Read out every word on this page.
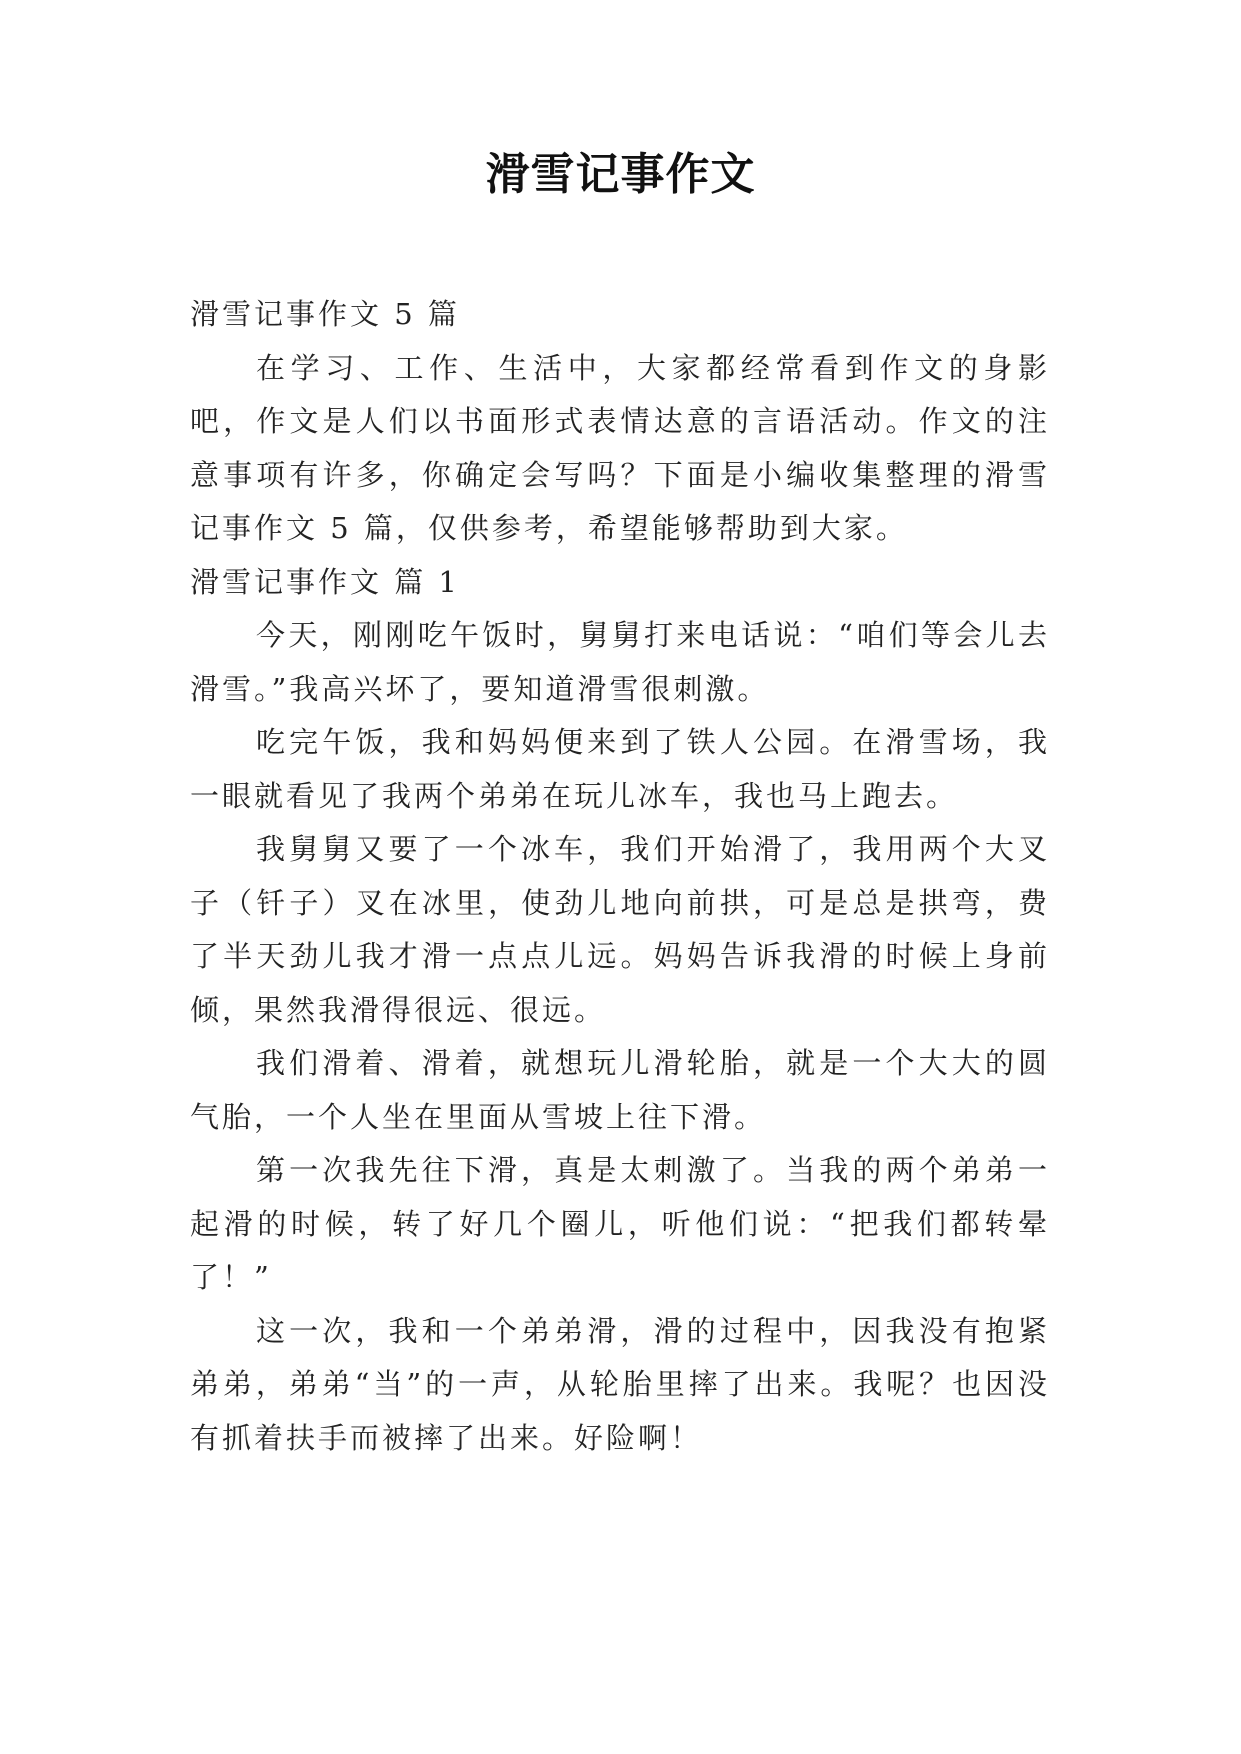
滑雪记事作文

滑雪记事作文 5 篇

在学习、工作、生活中，大家都经常看到作文的身影吧，作文是人们以书面形式表情达意的言语活动。作文的注意事项有许多，你确定会写吗？下面是小编收集整理的滑雪记事作文 5 篇，仅供参考，希望能够帮助到大家。

滑雪记事作文 篇 1

今天，刚刚吃午饭时，舅舅打来电话说：“咱们等会儿去滑雪。”我高兴坏了，要知道滑雪很刺激。

吃完午饭，我和妈妈便来到了铁人公园。在滑雪场，我一眼就看见了我两个弟弟在玩儿冰车，我也马上跑去。

我舅舅又要了一个冰车，我们开始滑了，我用两个大叉子（钎子）叉在冰里，使劲儿地向前拱，可是总是拱弯，费了半天劲儿我才滑一点点儿远。妈妈告诉我滑的时候上身前倾，果然我滑得很远、很远。

我们滑着、滑着，就想玩儿滑轮胎，就是一个大大的圆气胎，一个人坐在里面从雪坡上往下滑。

第一次我先往下滑，真是太刺激了。当我的两个弟弟一起滑的时候，转了好几个圈儿，听他们说：“把我们都转晕了！”

这一次，我和一个弟弟滑，滑的过程中，因我没有抱紧弟弟，弟弟“当”的一声，从轮胎里摔了出来。我呢？也因没有抓着扶手而被摔了出来。好险啊！
